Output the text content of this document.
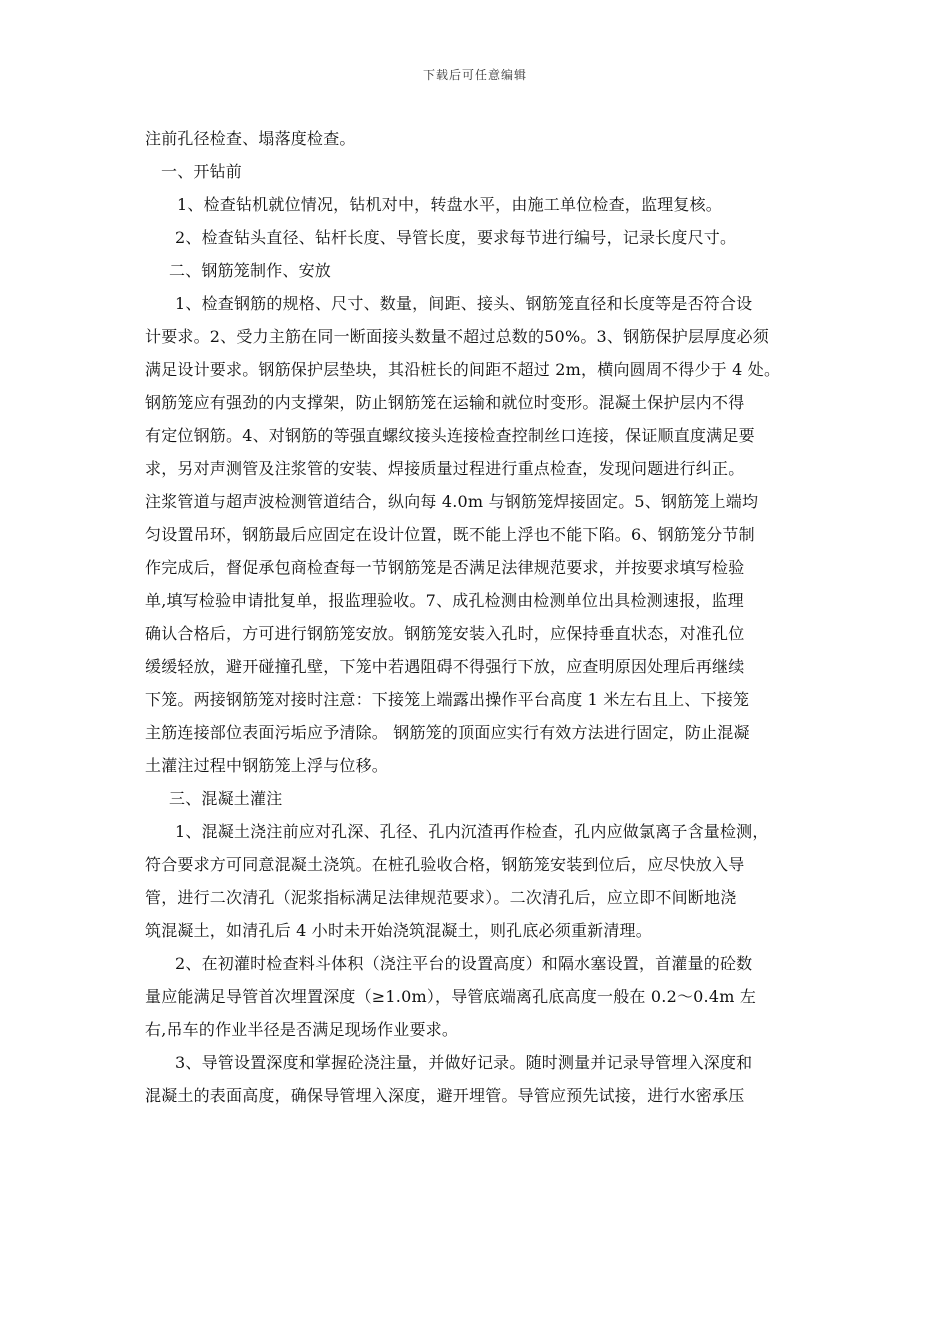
下载后可任意编辑
注前孔径检查、塌落度检查。
一、开钻前
1、检查钻机就位情况，钻机对中，转盘水平，由施工单位检查，监理复核。
2、检查钻头直径、钻杆长度、导管长度，要求每节进行编号，记录长度尺寸。
二、钢筋笼制作、安放
1、检查钢筋的规格、尺寸、数量，间距、接头、钢筋笼直径和长度等是否符合设
计要求。2、受力主筋在同一断面接头数量不超过总数的50%。3、钢筋保护层厚度必须
满足设计要求。钢筋保护层垫块，其沿桩长的间距不超过 2m，横向圆周不得少于 4 处。
钢筋笼应有强劲的内支撑架，防止钢筋笼在运输和就位时变形。混凝土保护层内不得
有定位钢筋。4、对钢筋的等强直螺纹接头连接检查控制丝口连接，保证顺直度满足要
求，另对声测管及注浆管的安装、焊接质量过程进行重点检查，发现问题进行纠正。
注浆管道与超声波检测管道结合，纵向每 4.0m 与钢筋笼焊接固定。5、钢筋笼上端均
匀设置吊环，钢筋最后应固定在设计位置，既不能上浮也不能下陷。6、钢筋笼分节制
作完成后，督促承包商检查每一节钢筋笼是否满足法律规范要求，并按要求填写检验
单,填写检验申请批复单，报监理验收。7、成孔检测由检测单位出具检测速报，监理
确认合格后，方可进行钢筋笼安放。钢筋笼安装入孔时，应保持垂直状态，对准孔位
缓缓轻放，避开碰撞孔壁，下笼中若遇阻碍不得强行下放，应查明原因处理后再继续
下笼。两接钢筋笼对接时注意：下接笼上端露出操作平台高度 1 米左右且上、下接笼
主筋连接部位表面污垢应予清除。 钢筋笼的顶面应实行有效方法进行固定，防止混凝
土灌注过程中钢筋笼上浮与位移。
三、混凝土灌注
1、混凝土浇注前应对孔深、孔径、孔内沉渣再作检查，孔内应做氯离子含量检测，
符合要求方可同意混凝土浇筑。在桩孔验收合格，钢筋笼安装到位后，应尽快放入导
管，进行二次清孔（泥浆指标满足法律规范要求）。二次清孔后，应立即不间断地浇
筑混凝土，如清孔后 4 小时未开始浇筑混凝土，则孔底必须重新清理。
2、在初灌时检查料斗体积（浇注平台的设置高度）和隔水塞设置，首灌量的砼数
量应能满足导管首次埋置深度（≥1.0m），导管底端离孔底高度一般在 0.2～0.4m 左
右,吊车的作业半径是否满足现场作业要求。
3、导管设置深度和掌握砼浇注量，并做好记录。随时测量并记录导管埋入深度和
混凝土的表面高度，确保导管埋入深度，避开埋管。导管应预先试接，进行水密承压
